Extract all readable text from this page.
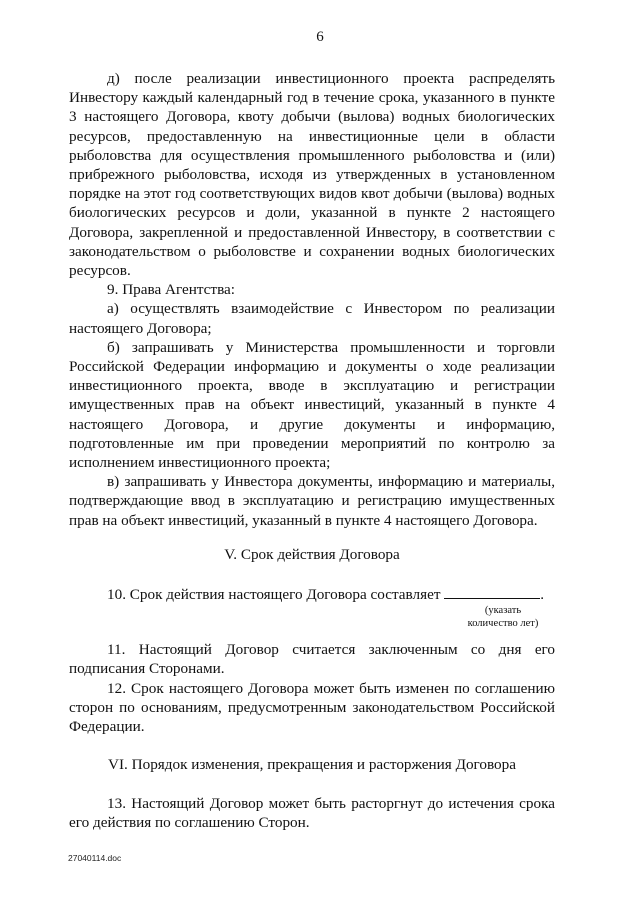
6

д) после реализации инвестиционного проекта распределять Инвестору каждый календарный год в течение срока, указанного в пункте 3 настоящего Договора, квоту добычи (вылова) водных биологических ресурсов, предоставленную на инвестиционные цели в области рыболовства для осуществления промышленного рыболовства и (или) прибрежного рыболовства, исходя из утвержденных в установленном порядке на этот год соответствующих видов квот добычи (вылова) водных биологических ресурсов и доли, указанной в пункте 2 настоящего Договора, закрепленной и предоставленной Инвестору, в соответствии с законодательством о рыболовстве и сохранении водных биологических ресурсов.

9. Права Агентства:

а) осуществлять взаимодействие с Инвестором по реализации настоящего Договора;

б) запрашивать у Министерства промышленности и торговли Российской Федерации информацию и документы о ходе реализации инвестиционного проекта, вводе в эксплуатацию и регистрации имущественных прав на объект инвестиций, указанный в пункте 4 настоящего Договора, и другие документы и информацию, подготовленные им при проведении мероприятий по контролю за исполнением инвестиционного проекта;

в) запрашивать у Инвестора документы, информацию и материалы, подтверждающие ввод в эксплуатацию и регистрацию имущественных прав на объект инвестиций, указанный в пункте 4 настоящего Договора.

V. Срок действия Договора

10. Срок действия настоящего Договора составляет	.

(указать количество лет)

11. Настоящий Договор считается заключенным со дня его подписания Сторонами.

12. Срок настоящего Договора может быть изменен по соглашению сторон по основаниям, предусмотренным законодательством Российской Федерации.

VI. Порядок изменения, прекращения и расторжения Договора

13. Настоящий Договор может быть расторгнут до истечения срока его действия по соглашению Сторон.

27040114.doc
